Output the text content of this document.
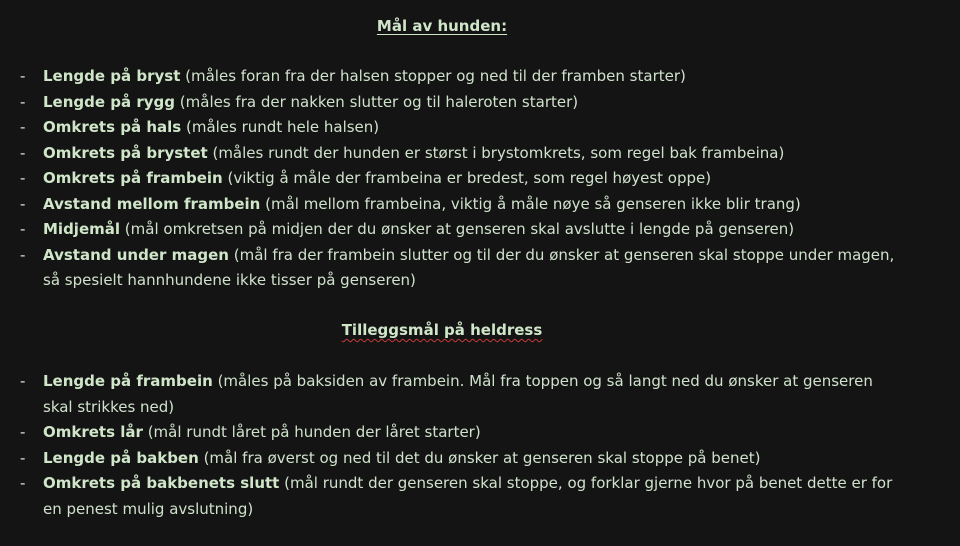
Mål av hunden:
- Lengde på bryst (måles foran fra der halsen stopper og ned til der framben starter)
- Lengde på rygg (måles fra der nakken slutter og til haleroten starter)
- Omkrets på hals (måles rundt hele halsen)
- Omkrets på brystet (måles rundt der hunden er størst i brystomkrets, som regel bak frambeina)
- Omkrets på frambein (viktig å måle der frambeina er bredest, som regel høyest oppe)
- Avstand mellom frambein (mål mellom frambeina, viktig å måle nøye så genseren ikke blir trang)
- Midjemål (mål omkretsen på midjen der du ønsker at genseren skal avslutte i lengde på genseren)
- Avstand under magen (mål fra der frambein slutter og til der du ønsker at genseren skal stoppe under magen, så spesielt hannhundene ikke tisser på genseren)
Tilleggsmål på heldress
- Lengde på frambein (måles på baksiden av frambein. Mål fra toppen og så langt ned du ønsker at genseren skal strikkes ned)
- Omkrets lår (mål rundt låret på hunden der låret starter)
- Lengde på bakben (mål fra øverst og ned til det du ønsker at genseren skal stoppe på benet)
- Omkrets på bakbenets slutt (mål rundt der genseren skal stoppe, og forklar gjerne hvor på benet dette er for en penest mulig avslutning)
